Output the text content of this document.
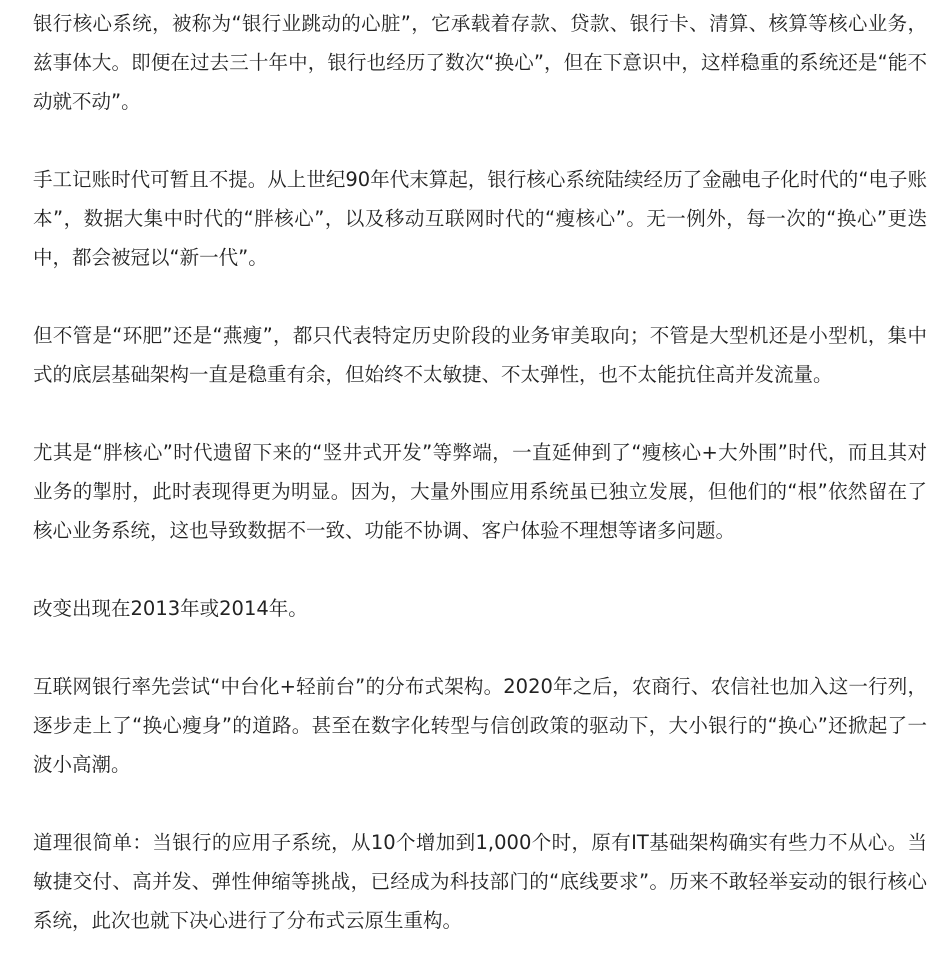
银行核心系统，被称为“银行业跳动的心脏”，它承载着存款、贷款、银行卡、清算、核算等核心业务，兹事体大。即便在过去三十年中，银行也经历了数次“换心”，但在下意识中，这样稳重的系统还是“能不动就不动”。

手工记账时代可暂且不提。从上世纪90年代末算起，银行核心系统陆续经历了金融电子化时代的“电子账本”，数据大集中时代的“胖核心”，以及移动互联网时代的“瘦核心”。无一例外，每一次的“换心”更迭中，都会被冠以“新一代”。

但不管是“环肥”还是“燕瘦”，都只代表特定历史阶段的业务审美取向；不管是大型机还是小型机，集中式的底层基础架构一直是稳重有余，但始终不太敏捷、不太弹性，也不太能抗住高并发流量。

尤其是“胖核心”时代遗留下来的“竖井式开发”等弊端，一直延伸到了“瘦核心+大外围”时代，而且其对业务的掣肘，此时表现得更为明显。因为，大量外围应用系统虽已独立发展，但他们的“根”依然留在了核心业务系统，这也导致数据不一致、功能不协调、客户体验不理想等诸多问题。

改变出现在2013年或2014年。

互联网银行率先尝试“中台化+轻前台”的分布式架构。2020年之后，农商行、农信社也加入这一行列，逐步走上了“换心瘦身”的道路。甚至在数字化转型与信创政策的驱动下，大小银行的“换心”还掀起了一波小高潮。

道理很简单：当银行的应用子系统，从10个增加到1,000个时，原有IT基础架构确实有些力不从心。当敏捷交付、高并发、弹性伸缩等挑战，已经成为科技部门的“底线要求”。历来不敢轻举妄动的银行核心系统，此次也就下决心进行了分布式云原生重构。
